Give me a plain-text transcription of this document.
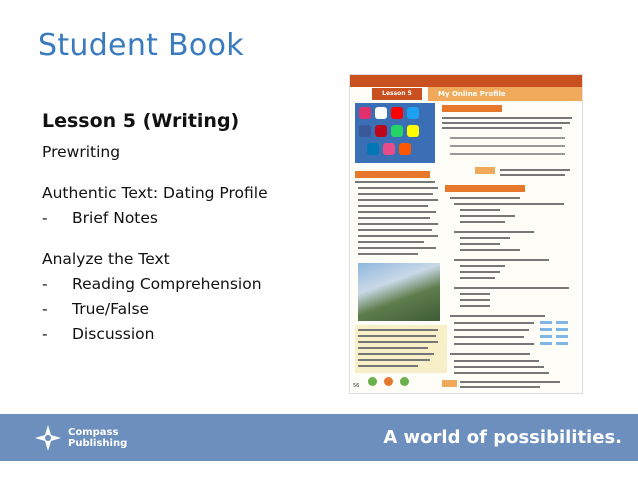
Student Book
Lesson 5 (Writing)
Prewriting
Authentic Text: Dating Profile
- Brief Notes
Analyze the Text
- Reading Comprehension
- True/False
- Discussion
Lesson 5	My Online Profile
56
Compass
Publishing	A world of possibilities.
